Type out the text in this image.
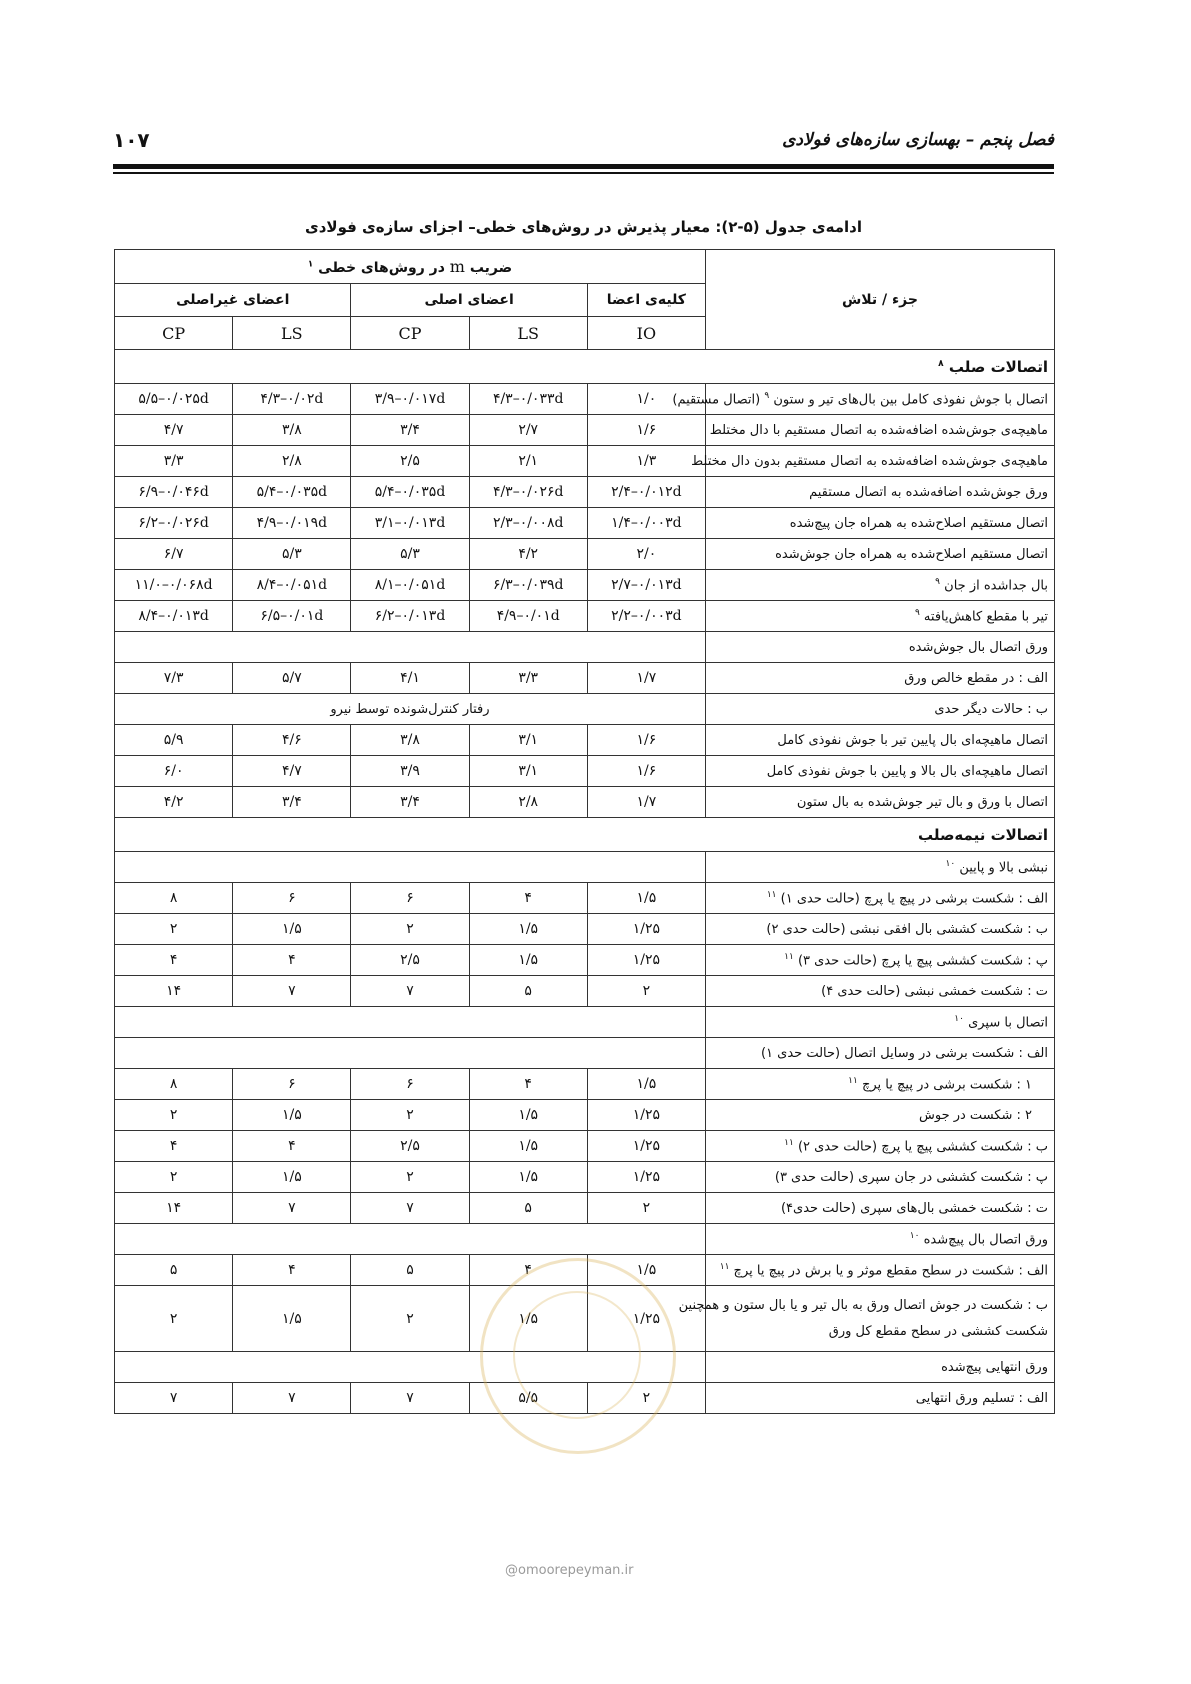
فصل پنجم – بهسازی سازه‌های فولادی
۱۰۷
ادامه‌ی جدول (۵-۲): معیار پذیرش در روش‌های خطی– اجزای سازه‌ی فولادی
جزء / تلاش	ضریب m در روش‌های خطی $^۱$
	کلیه‌ی اعضا	اعضای اصلی		اعضای غیراصلی	
	IO	LS	CP	LS	CP
اتصالات صلب $^۸$
اتصال با جوش نفوذی کامل بین بال‌های تیر و ستون $^۹$ (اتصال مستقیم)	۱/۰	۴/۳–۰/۰۳۳d	۳/۹–۰/۰۱۷d	۴/۳–۰/۰۲d	۵/۵–۰/۰۲۵d
ماهیچه‌ی جوش‌شده اضافه‌شده به اتصال مستقیم با دال مختلط	۱/۶	۲/۷	۳/۴	۳/۸	۴/۷
ماهیچه‌ی جوش‌شده اضافه‌شده به اتصال مستقیم بدون دال مختلط	۱/۳	۲/۱	۲/۵	۲/۸	۳/۳
ورق جوش‌شده اضافه‌شده به اتصال مستقیم	۲/۴–۰/۰۱۲d	۴/۳–۰/۰۲۶d	۵/۴–۰/۰۳۵d	۵/۴–۰/۰۳۵d	۶/۹–۰/۰۴۶d
اتصال مستقیم اصلاح‌شده به همراه جان پیچ‌شده	۱/۴–۰/۰۰۳d	۲/۳–۰/۰۰۸d	۳/۱–۰/۰۱۳d	۴/۹–۰/۰۱۹d	۶/۲–۰/۰۲۶d
اتصال مستقیم اصلاح‌شده به همراه جان جوش‌شده	۲/۰	۴/۲	۵/۳	۵/۳	۶/۷
بال جداشده از جان $^۹$	۲/۷–۰/۰۱۳d	۶/۳–۰/۰۳۹d	۸/۱–۰/۰۵۱d	۸/۴–۰/۰۵۱d	۱۱/۰–۰/۰۶۸d
تیر با مقطع کاهش‌یافته $^۹$	۲/۲–۰/۰۰۳d	۴/۹–۰/۰۱d	۶/۲–۰/۰۱۳d	۶/۵–۰/۰۱d	۸/۴–۰/۰۱۳d
ورق اتصال بال جوش‌شده					
الف : در مقطع خالص ورق	۱/۷	۳/۳	۴/۱	۵/۷	۷/۳
ب : حالات دیگر حدی	رفتار کنترل‌شونده توسط نیرو				
اتصال ماهیچه‌ای بال پایین تیر با جوش نفوذی کامل	۱/۶	۳/۱	۳/۸	۴/۶	۵/۹
اتصال ماهیچه‌ای بال بالا و پایین با جوش نفوذی کامل	۱/۶	۳/۱	۳/۹	۴/۷	۶/۰
اتصال با ورق و بال تیر جوش‌شده به بال ستون	۱/۷	۲/۸	۳/۴	۳/۴	۴/۲
اتصالات نیمه‌صلب					
نبشی بالا و پایین $^{۱۰}$	
الف : شکست برشی در پیچ یا پرچ (حالت حدی ۱) $^{۱۱}$	۱/۵	۴	۶	۶	۸
ب : شکست کششی بال افقی نبشی (حالت حدی ۲)	۱/۲۵	۱/۵	۲	۱/۵	۲
پ : شکست کششی پیچ یا پرچ (حالت حدی ۳) $^{۱۱}$	۱/۲۵	۱/۵	۲/۵	۴	۴
ت : شکست خمشی نبشی (حالت حدی ۴)	۲	۵	۷	۷	۱۴
اتصال با سپری $^{۱۰}$	
الف : شکست برشی در وسایل اتصال (حالت حدی ۱)					
۱ : شکست برشی در پیچ یا پرچ $^{۱۱}$	۱/۵	۴	۶	۶	۸
۲ : شکست در جوش	۱/۲۵	۱/۵	۲	۱/۵	۲
ب : شکست کششی پیچ یا پرچ (حالت حدی ۲) $^{۱۱}$	۱/۲۵	۱/۵	۲/۵	۴	۴
پ : شکست کششی در جان سپری (حالت حدی ۳)	۱/۲۵	۱/۵	۲	۱/۵	۲
ت : شکست خمشی بال‌های سپری (حالت حدی۴)	۲	۵	۷	۷	۱۴
ورق اتصال بال پیچ‌شده $^{۱۰}$	
الف : شکست در سطح مقطع موثر و یا برش در پیچ یا پرچ $^{۱۱}$	۱/۵	۴	۵	۴	۵
ب : شکست در جوش اتصال ورق به بال تیر و یا بال ستون و همچنین
شکست کششی در سطح مقطع کل ورق	۱/۲۵	۱/۵	۲	۱/۵	۲
ورق انتهایی پیچ‌شده					
الف : تسلیم ورق انتهایی	۲	۵/۵	۷	۷	۷
@omoorepeyman.ir
